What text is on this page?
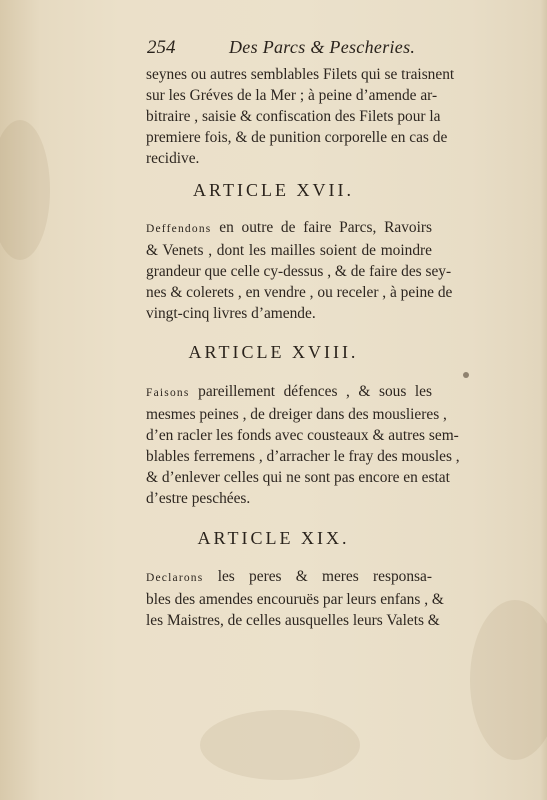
254	Des Parcs & Pescheries.
seynes ou autres semblables Filets qui se traisnent
sur les Gréves de la Mer ; à peine d’amende ar-
bitraire , saisie & confiscation des Filets pour la
premiere fois, & de punition corporelle en cas de
recidive.
ARTICLE XVII.
Deffendons en outre de faire Parcs, Ravoirs
& Venets , dont les mailles soient de moindre
grandeur que celle cy-dessus , & de faire des sey-
nes & colerets , en vendre , ou receler , à peine de
vingt-cinq livres d’amende.
ARTICLE XVIII.
Faisons pareillement défences , & sous les
mesmes peines , de dreiger dans des mouslieres ,
d’en racler les fonds avec cousteaux & autres sem-
blables ferremens , d’arracher le fray des mousles ,
& d’enlever celles qui ne sont pas encore en estat
d’estre peschées.
ARTICLE XIX.
Declarons les peres & meres responsa-
bles des amendes encouruës par leurs enfans , &
les Maistres, de celles ausquelles leurs Valets &
